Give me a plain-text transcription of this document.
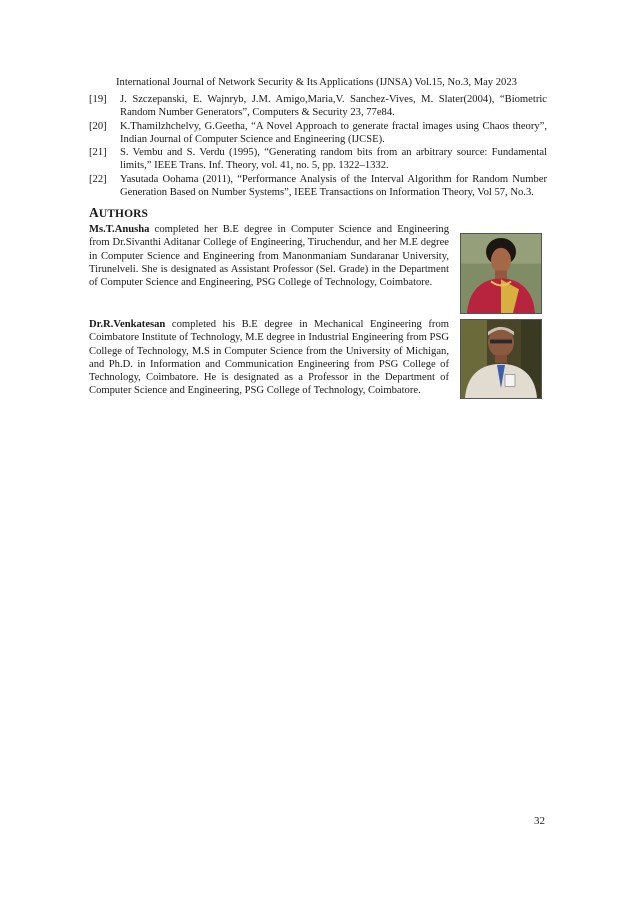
International Journal of Network Security & Its Applications (IJNSA) Vol.15, No.3, May 2023
[19] J. Szczepanski, E. Wajnryb, J.M. Amigo,Maria,V. Sanchez-Vives, M. Slater(2004), “Biometric Random Number Generators”, Computers & Security 23, 77e84.
[20] K.Thamilzhchelvy, G.Geetha, “A Novel Approach to generate fractal images using Chaos theory”, Indian Journal of Computer Science and Engineering (IJCSE).
[21] S. Vembu and S. Verdu (1995), “Generating random bits from an arbitrary source: Fundamental limits,” IEEE Trans. Inf. Theory, vol. 41, no. 5, pp. 1322–1332.
[22] Yasutada Oohama (2011), “Performance Analysis of the Interval Algorithm for Random Number Generation Based on Number Systems”, IEEE Transactions on Information Theory, Vol 57, No.3.
AUTHORS
Ms.T.Anusha completed her B.E degree in Computer Science and Engineering from Dr.Sivanthi Aditanar College of Engineering, Tiruchendur, and her M.E degree in Computer Science and Engineering from Manonmaniam Sundaranar University, Tirunelveli. She is designated as Assistant Professor (Sel. Grade) in the Department of Computer Science and Engineering, PSG College of Technology, Coimbatore.
Dr.R.Venkatesan completed his B.E degree in Mechanical Engineering from Coimbatore Institute of Technology, M.E degree in Industrial Engineering from PSG College of Technology, M.S in Computer Science from the University of Michigan, and Ph.D. in Information and Communication Engineering from PSG College of Technology, Coimbatore. He is designated as a Professor in the Department of Computer Science and Engineering, PSG College of Technology, Coimbatore.
32
